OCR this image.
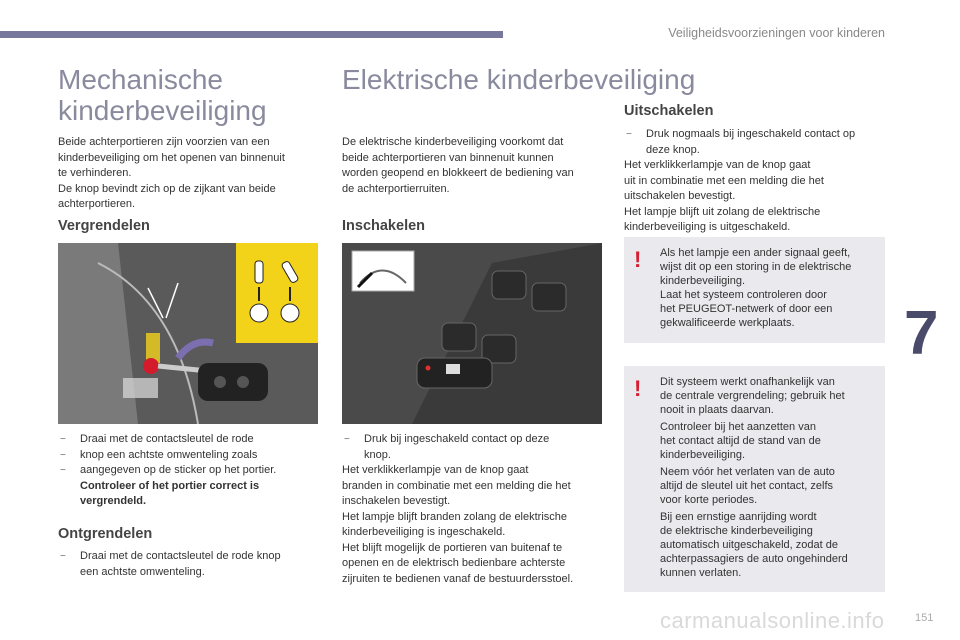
Veiligheidsvoorzieningen voor kinderen
7
151
carmanualsonline.info
Mechanische
kinderbeveiliging

Beide achterportieren zijn voorzien van een

kinderbeveiliging om het openen van binnenuit

te verhinderen.

De knop bevindt zich op de zijkant van beide

achterportieren.

Vergrendelen

− Draai met de contactsleutel de rode

− knop een achtste omwenteling zoals

− aangegeven op de sticker op het portier.

Controleer of het portier correct is

vergrendeld.

Ontgrendelen

− Draai met de contactsleutel de rode knop

een achtste omwenteling.

Elektrische kinderbeveiliging

De elektrische kinderbeveiliging voorkomt dat

beide achterportieren van binnenuit kunnen

worden geopend en blokkeert de bediening van

de achterportierruiten.

Inschakelen

− Druk bij ingeschakeld contact op deze

knop.

Het verklikkerlampje van de knop gaat

branden in combinatie met een melding die het

inschakelen bevestigt.

Het lampje blijft branden zolang de elektrische

kinderbeveiliging is ingeschakeld.

Het blijft mogelijk de portieren van buitenaf te

openen en de elektrisch bedienbare achterste

zijruiten te bedienen vanaf de bestuurdersstoel.

Uitschakelen

− Druk nogmaals bij ingeschakeld contact op

deze knop.

Het verklikkerlampje van de knop gaat

uit in combinatie met een melding die het

uitschakelen bevestigt.

Het lampje blijft uit zolang de elektrische

kinderbeveiliging is uitgeschakeld.

! Als het lampje een ander signaal geeft,

wijst dit op een storing in de elektrische

kinderbeveiliging.

Laat het systeem controleren door

het PEUGEOT-netwerk of door een

gekwalificeerde werkplaats.

! Dit systeem werkt onafhankelijk van

de centrale vergrendeling; gebruik het

nooit in plaats daarvan.

Controleer bij het aanzetten van

het contact altijd de stand van de

kinderbeveiliging.

Neem vóór het verlaten van de auto

altijd de sleutel uit het contact, zelfs

voor korte periodes.

Bij een ernstige aanrijding wordt

de elektrische kinderbeveiliging

automatisch uitgeschakeld, zodat de

achterpassagiers de auto ongehinderd

kunnen verlaten.
